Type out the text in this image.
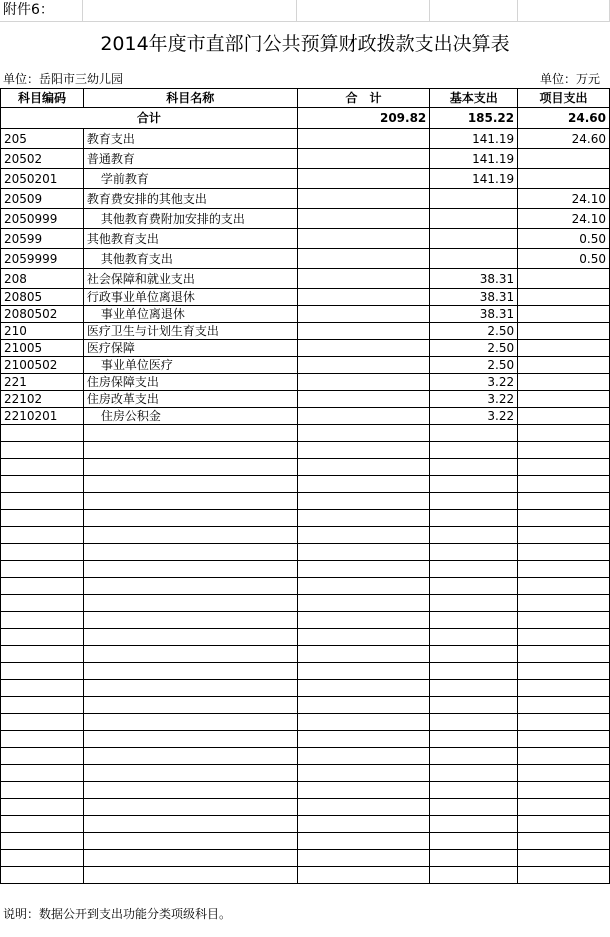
附件6：
2014年度市直部门公共预算财政拨款支出决算表
单位：岳阳市三幼儿园	单位：万元
科目编码	科目名称	合　计	基本支出	项目支出
合计		209.82	185.22	24.60
205	教育支出		141.19	24.60
20502	普通教育		141.19	
2050201	学前教育		141.19	
20509	教育费安排的其他支出			24.10
2050999	其他教育费附加安排的支出			24.10
20599	其他教育支出			0.50
2059999	其他教育支出			0.50
208	社会保障和就业支出		38.31	
20805	行政事业单位离退休		38.31	
2080502	事业单位离退休		38.31	
210	医疗卫生与计划生育支出		2.50	
21005	医疗保障		2.50	
2100502	事业单位医疗		2.50	
221	住房保障支出		3.22	
22102	住房改革支出		3.22	
2210201	住房公积金		3.22	

说明：数据公开到支出功能分类项级科目。
